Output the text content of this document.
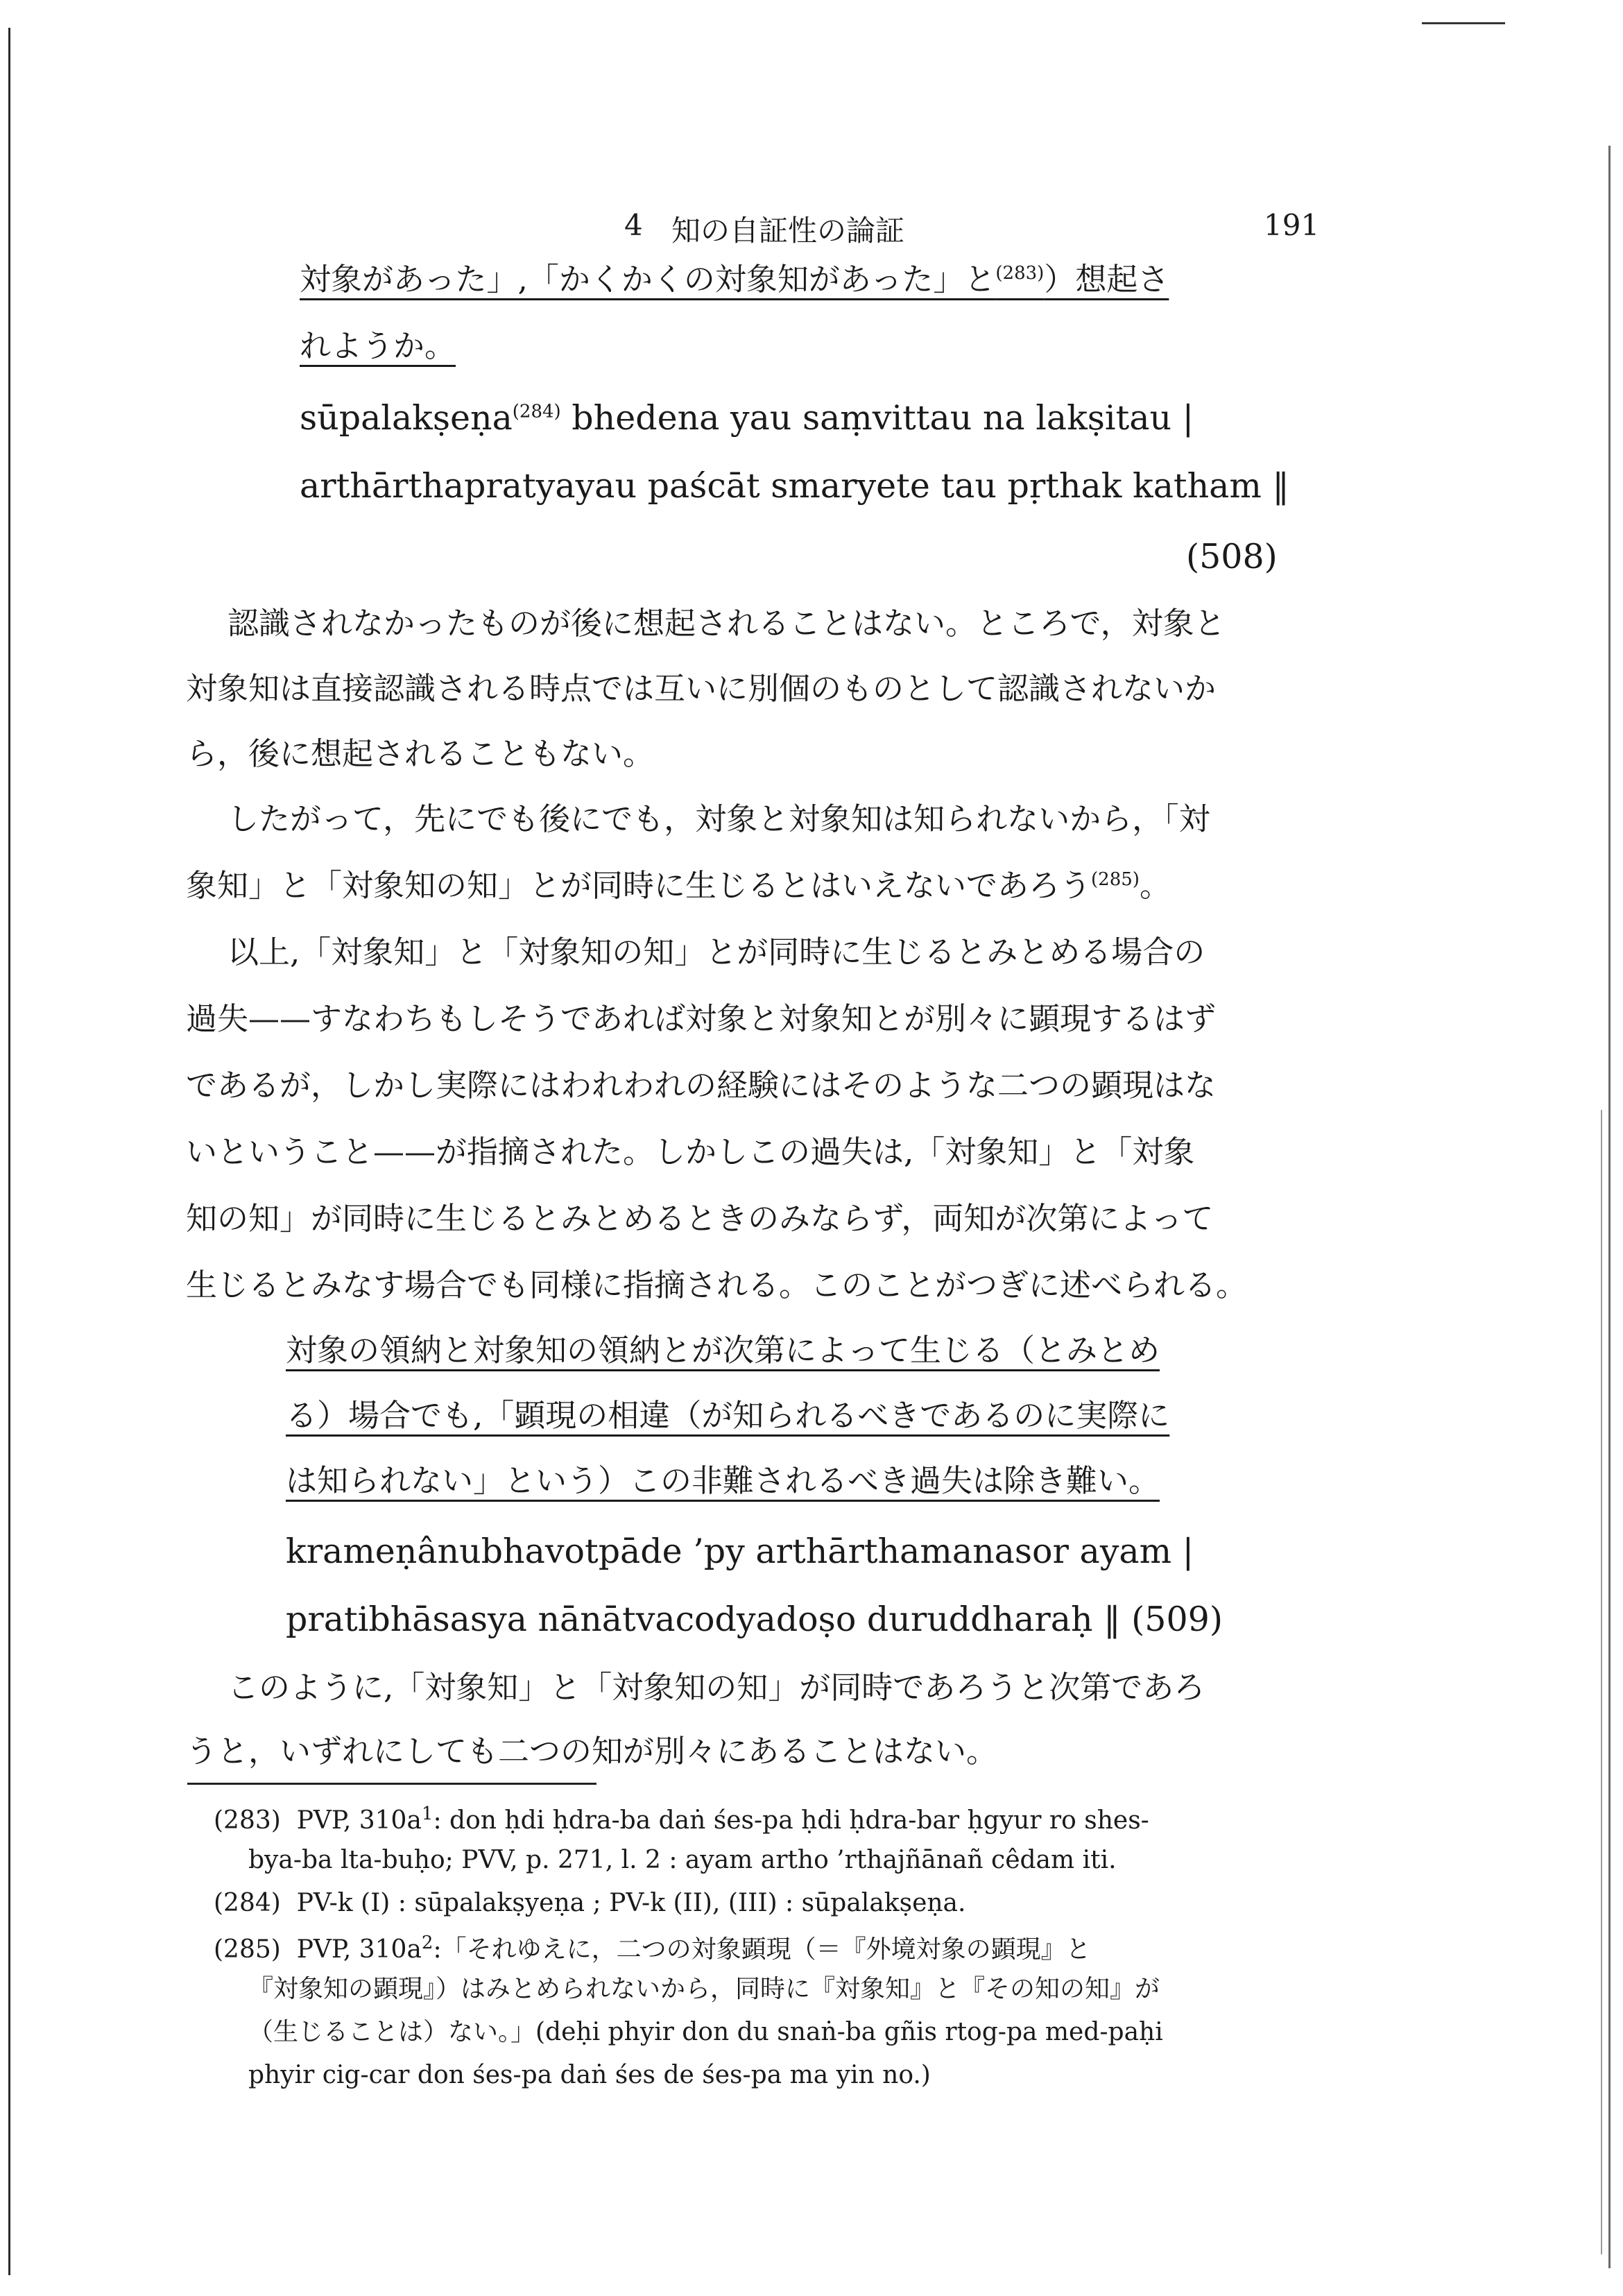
4 知の自証性の論証	191
対象があった」,「かくかくの対象知があった」と$^{(283)}$）想起さ
れようか。
sūpalakṣeṇa$^{(284)}$ bhedena yau saṃvittau na lakṣitau |
arthārthapratyayau paścāt smaryete tau pṛthak katham ‖
(508)
認識されなかったものが後に想起されることはない。ところで，対象と
対象知は直接認識される時点では互いに別個のものとして認識されないか
ら，後に想起されることもない。
したがって，先にでも後にでも，対象と対象知は知られないから，「対
象知」と「対象知の知」とが同時に生じるとはいえないであろう$^{(285)}$。
以上,「対象知」と「対象知の知」とが同時に生じるとみとめる場合の
過失——すなわちもしそうであれば対象と対象知とが別々に顕現するはず
であるが，しかし実際にはわれわれの経験にはそのような二つの顕現はな
いということ——が指摘された。しかしこの過失は,「対象知」と「対象
知の知」が同時に生じるとみとめるときのみならず，両知が次第によって
生じるとみなす場合でも同様に指摘される。このことがつぎに述べられる。
対象の領納と対象知の領納とが次第によって生じる（とみとめ
る）場合でも,「顕現の相違（が知られるべきであるのに実際に
は知られない」という）この非難されるべき過失は除き難い。
krameṇânubhavotpāde ’py arthārthamanasor ayam |
pratibhāsasya nānātvacodyadoṣo duruddharaḥ ‖ (509)
このように,「対象知」と「対象知の知」が同時であろうと次第であろ
うと，いずれにしても二つの知が別々にあることはない。
(283) PVP, $310a^1$: don ḥdi ḥdra-ba daṅ śes-pa ḥdi ḥdra-bar ḥgyur ro shes-
bya-ba lta-buḥo; PVV, p. 271, l. 2 : ayam artho ’rthajñānañ cêdam iti.
(284) PV-k (I) : sūpalakṣyeṇa ; PV-k (II), (III) : sūpalakṣeṇa.
(285) PVP, $310a^2$:「それゆえに，二つの対象顕現（＝『外境対象の顕現』と
『対象知の顕現』）はみとめられないから，同時に『対象知』と『その知の知』が
（生じることは）ない。」(deḥi phyir don du snaṅ-ba gñis rtog-pa med-paḥi
phyir cig-car don śes-pa daṅ śes de śes-pa ma yin no.)
